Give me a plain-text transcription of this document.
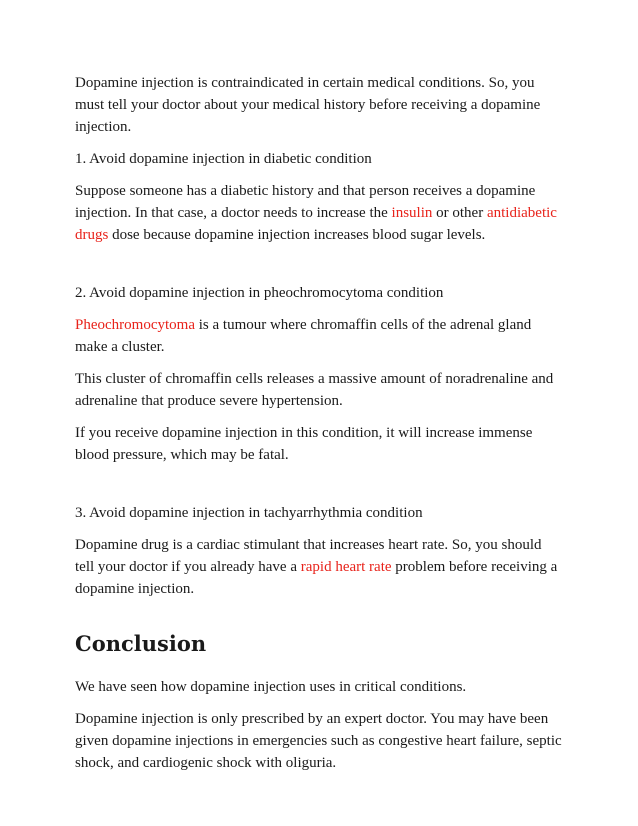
Dopamine injection is contraindicated in certain medical conditions. So, you must tell your doctor about your medical history before receiving a dopamine injection.

1. Avoid dopamine injection in diabetic condition

Suppose someone has a diabetic history and that person receives a dopamine injection. In that case, a doctor needs to increase the insulin or other antidiabetic drugs dose because dopamine injection increases blood sugar levels.

2. Avoid dopamine injection in pheochromocytoma condition

Pheochromocytoma is a tumour where chromaffin cells of the adrenal gland make a cluster.

This cluster of chromaffin cells releases a massive amount of noradrenaline and adrenaline that produce severe hypertension.

If you receive dopamine injection in this condition, it will increase immense blood pressure, which may be fatal.

3. Avoid dopamine injection in tachyarrhythmia condition

Dopamine drug is a cardiac stimulant that increases heart rate. So, you should tell your doctor if you already have a rapid heart rate problem before receiving a dopamine injection.

Conclusion

We have seen how dopamine injection uses in critical conditions.

Dopamine injection is only prescribed by an expert doctor. You may have been given dopamine injections in emergencies such as congestive heart failure, septic shock, and cardiogenic shock with oliguria.
